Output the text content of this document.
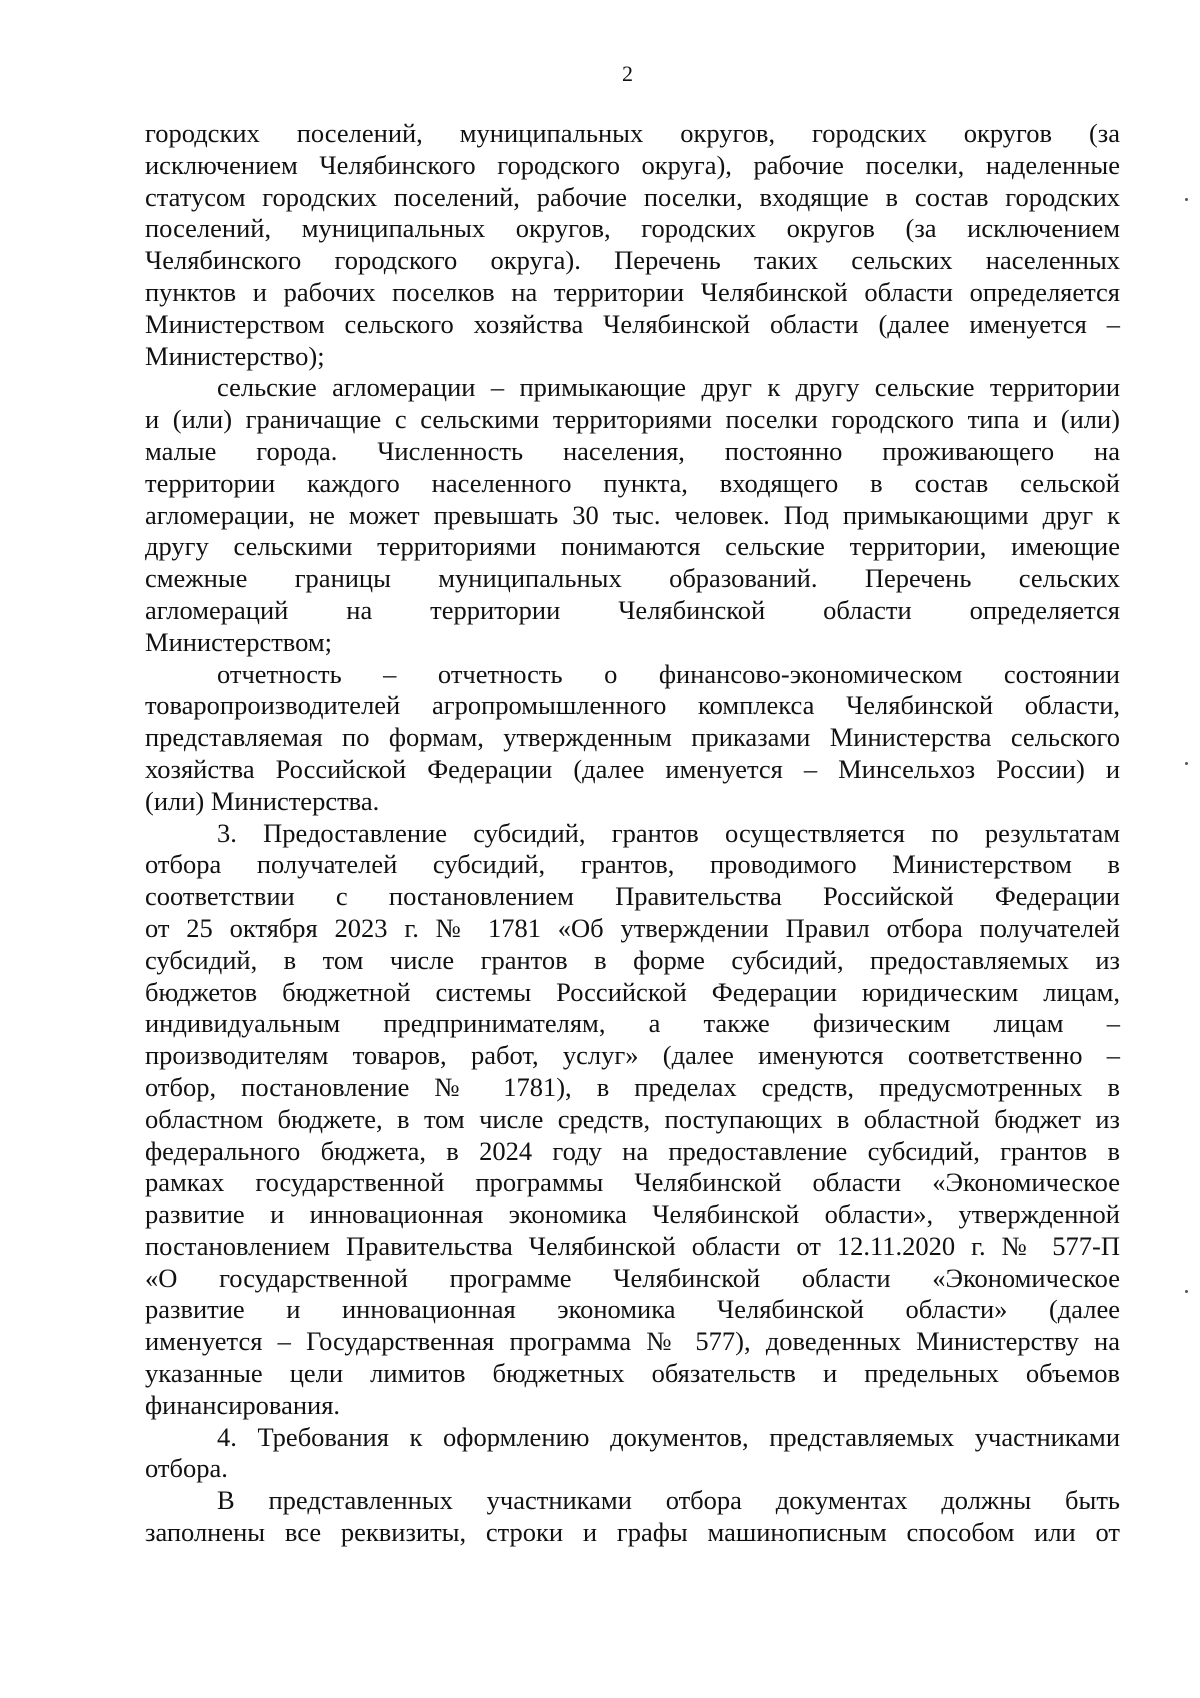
2
городских поселений, муниципальных округов, городских округов (за
исключением Челябинского городского округа), рабочие поселки, наделенные
статусом городских поселений, рабочие поселки, входящие в состав городских
поселений, муниципальных округов, городских округов (за исключением
Челябинского городского округа). Перечень таких сельских населенных
пунктов и рабочих поселков на территории Челябинской области определяется
Министерством сельского хозяйства Челябинской области (далее именуется –
Министерство);
сельские агломерации – примыкающие друг к другу сельские территории
и (или) граничащие с сельскими территориями поселки городского типа и (или)
малые города. Численность населения, постоянно проживающего на
территории каждого населенного пункта, входящего в состав сельской
агломерации, не может превышать 30 тыс. человек. Под примыкающими друг к
другу сельскими территориями понимаются сельские территории, имеющие
смежные границы муниципальных образований. Перечень сельских
агломераций на территории Челябинской области определяется
Министерством;
отчетность – отчетность о финансово-экономическом состоянии
товаропроизводителей агропромышленного комплекса Челябинской области,
представляемая по формам, утвержденным приказами Министерства сельского
хозяйства Российской Федерации (далее именуется – Минсельхоз России) и
(или) Министерства.
3. Предоставление субсидий, грантов осуществляется по результатам
отбора получателей субсидий, грантов, проводимого Министерством в
соответствии с постановлением Правительства Российской Федерации
от 25 октября 2023 г. № 1781 «Об утверждении Правил отбора получателей
субсидий, в том числе грантов в форме субсидий, предоставляемых из
бюджетов бюджетной системы Российской Федерации юридическим лицам,
индивидуальным предпринимателям, а также физическим лицам –
производителям товаров, работ, услуг» (далее именуются соответственно –
отбор, постановление № 1781), в пределах средств, предусмотренных в
областном бюджете, в том числе средств, поступающих в областной бюджет из
федерального бюджета, в 2024 году на предоставление субсидий, грантов в
рамках государственной программы Челябинской области «Экономическое
развитие и инновационная экономика Челябинской области», утвержденной
постановлением Правительства Челябинской области от 12.11.2020 г. № 577-П
«О государственной программе Челябинской области «Экономическое
развитие и инновационная экономика Челябинской области» (далее
именуется – Государственная программа № 577), доведенных Министерству на
указанные цели лимитов бюджетных обязательств и предельных объемов
финансирования.
4. Требования к оформлению документов, представляемых участниками
отбора.
В представленных участниками отбора документах должны быть
заполнены все реквизиты, строки и графы машинописным способом или от
